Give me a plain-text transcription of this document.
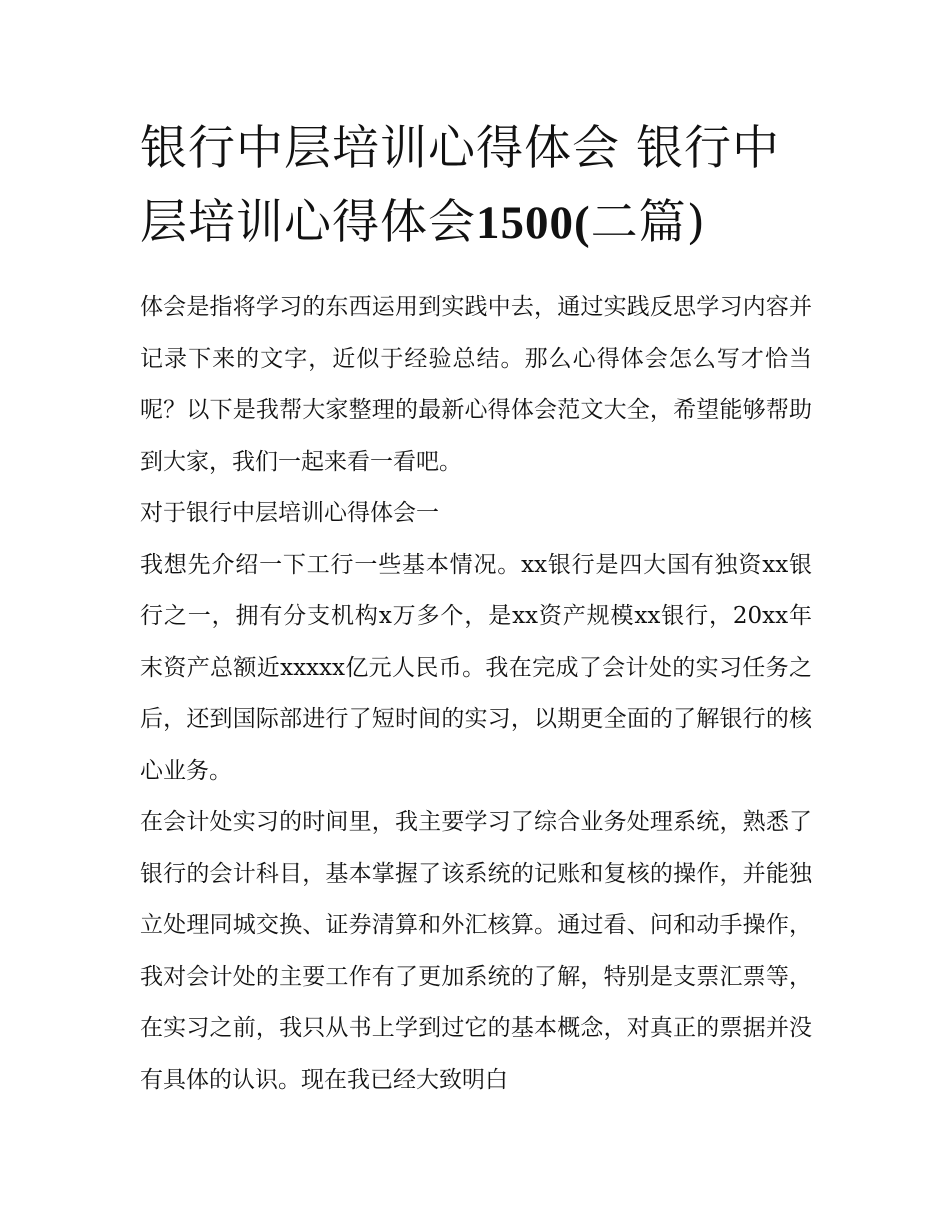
银行中层培训心得体会 银行中层培训心得体会1500(二篇)

体会是指将学习的东西运用到实践中去，通过实践反思学习内容并记录下来的文字，近似于经验总结。那么心得体会怎么写才恰当呢？以下是我帮大家整理的最新心得体会范文大全，希望能够帮助到大家，我们一起来看一看吧。

对于银行中层培训心得体会一

我想先介绍一下工行一些基本情况。xx银行是四大国有独资xx银行之一，拥有分支机构x万多个，是xx资产规模xx银行，20xx年末资产总额近xxxxx亿元人民币。我在完成了会计处的实习任务之后，还到国际部进行了短时间的实习，以期更全面的了解银行的核心业务。

在会计处实习的时间里，我主要学习了综合业务处理系统，熟悉了银行的会计科目，基本掌握了该系统的记账和复核的操作，并能独立处理同城交换、证券清算和外汇核算。通过看、问和动手操作，我对会计处的主要工作有了更加系统的了解，特别是支票汇票等，在实习之前，我只从书上学到过它的基本概念，对真正的票据并没有具体的认识。现在我已经大致明白
